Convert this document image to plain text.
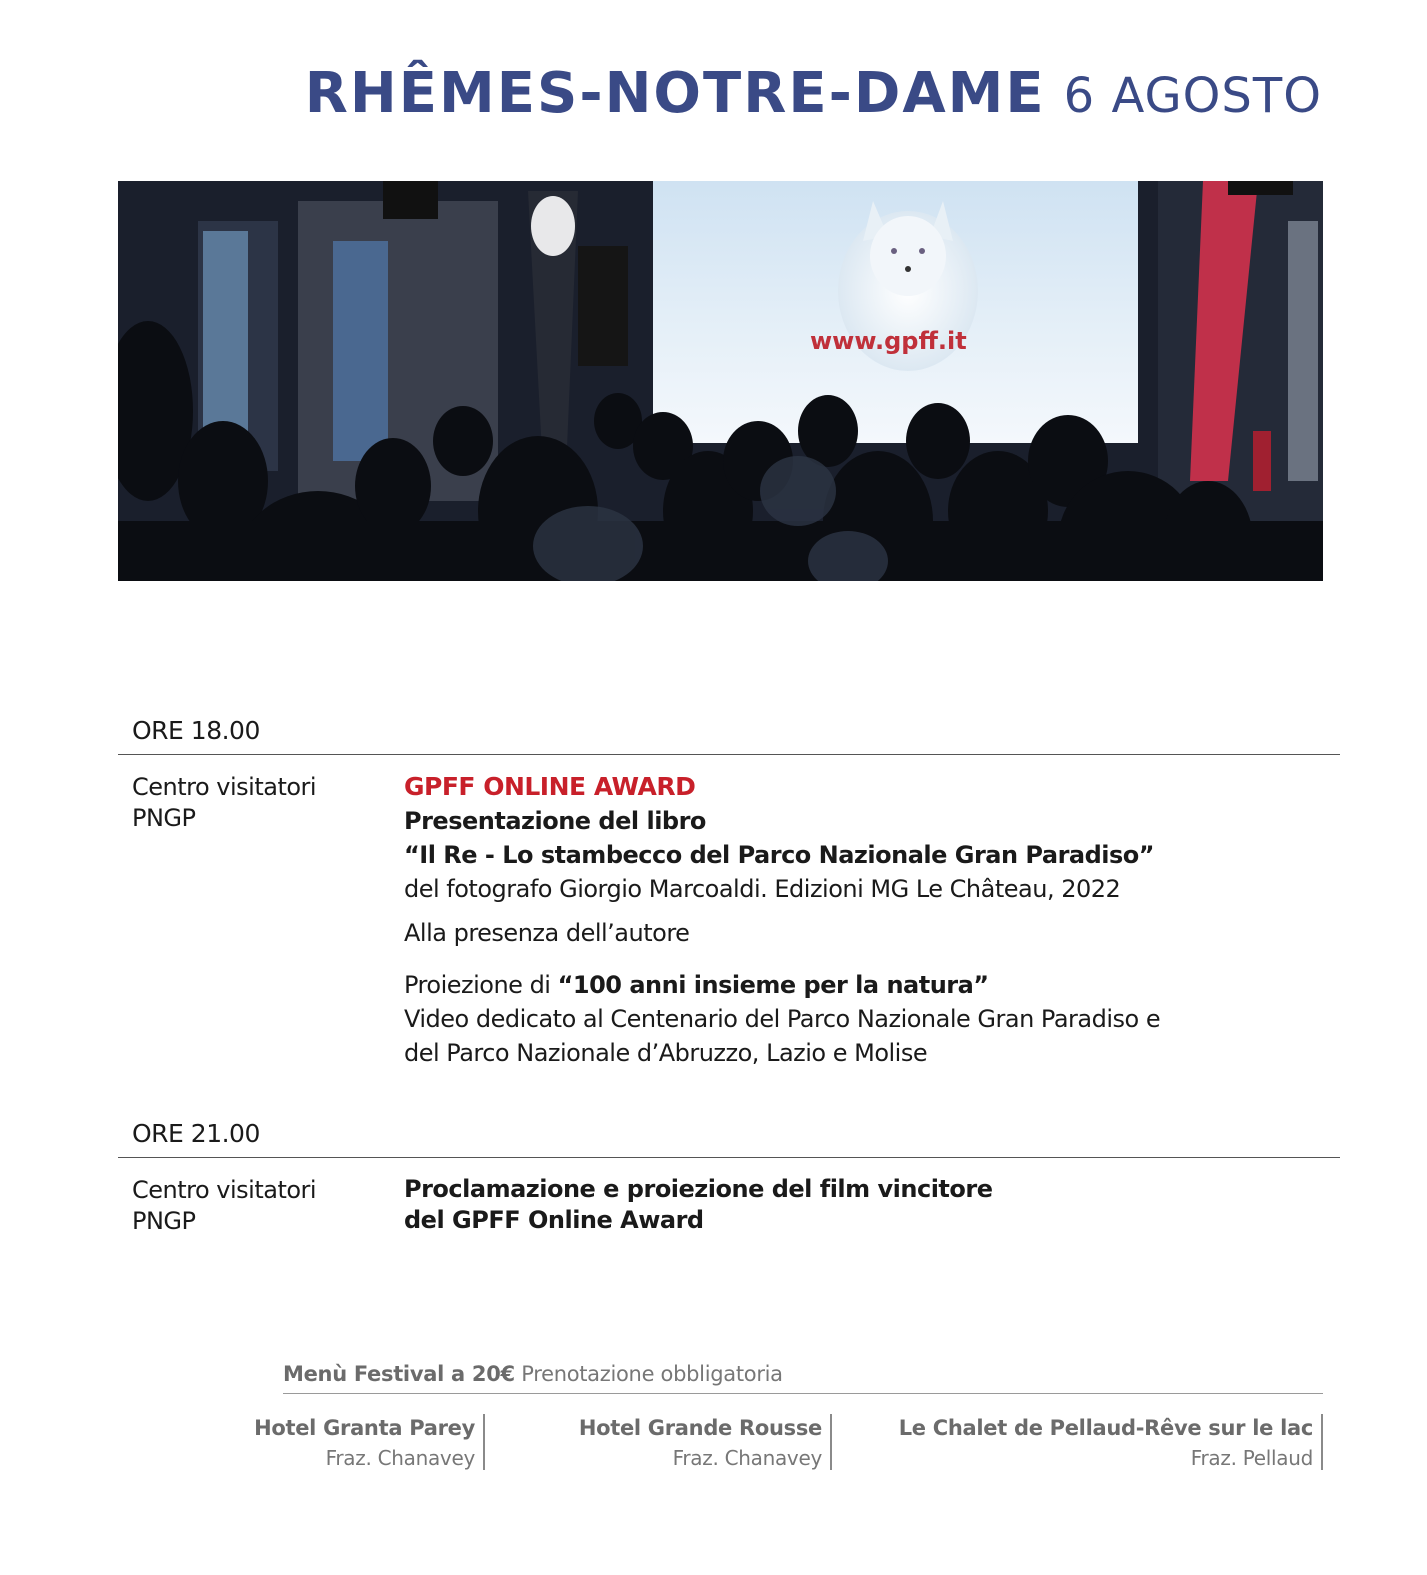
RHÊMES-NOTRE-DAME 6 AGOSTO
www.gpff.it
ORE 18.00
Centro visitatori
PNGP

GPFF ONLINE AWARD

Presentazione del libro

“Il Re - Lo stambecco del Parco Nazionale Gran Paradiso”

del fotografo Giorgio Marcoaldi. Edizioni MG Le Château, 2022

Alla presenza dell’autore

Proiezione di “100 anni insieme per la natura”

Video dedicato al Centenario del Parco Nazionale Gran Paradiso e

del Parco Nazionale d’Abruzzo, Lazio e Molise

ORE 21.00
Centro visitatori
PNGP

Proclamazione e proiezione del film vincitore

del GPFF Online Award

Menù Festival a 20€ Prenotazione obbligatoria
Hotel Granta Parey
Fraz. Chanavey
Hotel Grande Rousse
Fraz. Chanavey
Le Chalet de Pellaud-Rêve sur le lac
Fraz. Pellaud
